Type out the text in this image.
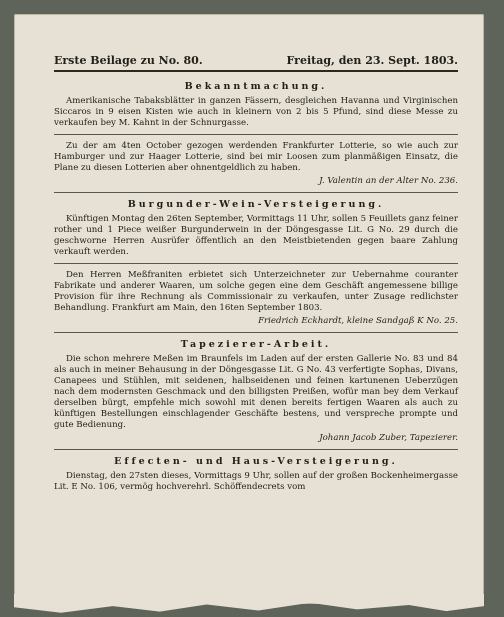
Erste Beilage zu No. 80.	Freitag, den 23. Sept. 1803.
Bekanntmachung.
Amerikanische Tabaksblätter in ganzen Fässern, desgleichen Havanna und Virginischen Siccaros in 9 eisen Kisten wie auch in kleinern von 2 bis 5 Pfund, sind diese Messe zu verkaufen bey M. Kahnt in der Schnurgasse.
Zu der am 4ten October gezogen werdenden Frankfurter Lotterie, so wie auch zur Hamburger und zur Haager Lotterie, sind bei mir Loosen zum planmäßigen Einsatz, die Plane zu diesen Lotterien aber ohnentgeldlich zu haben.
J. Valentin an der Alter No. 236.
Burgunder-Wein-Versteigerung.
Künftigen Montag den 26ten September, Vormittags 11 Uhr, sollen 5 Feuillets ganz feiner rother und 1 Piece weißer Burgunderwein in der Döngesgasse Lit. G No. 29 durch die geschworne Herren Ausrüfer öffentlich an den Meistbietenden gegen baare Zahlung verkauft werden.
Den Herren Meßfraniten erbietet sich Unterzeichneter zur Uebernahme couranter Fabrikate und anderer Waaren, um solche gegen eine dem Geschäft angemessene billige Provision für ihre Rechnung als Commissionair zu verkaufen, unter Zusage redlichster Behandlung. Frankfurt am Main, den 16ten September 1803.
Friedrich Eckhardt, kleine Sandgaß K No. 25.
Tapezierer-Arbeit.
Die schon mehrere Meßen im Braunfels im Laden auf der ersten Gallerie No. 83 und 84 als auch in meiner Behausung in der Döngesgasse Lit. G No. 43 verfertigte Sophas, Divans, Canapees und Stühlen, mit seidenen, halbseidenen und feinen kartunenen Ueberzügen nach dem modernsten Geschmack und den billigsten Preißen, wofür man bey dem Verkauf derselben bürgt, empfehle mich sowohl mit denen bereits fertigen Waaren als auch zu künftigen Bestellungen einschlagender Geschäfte bestens, und verspreche prompte und gute Bedienung.
Johann Jacob Zuber, Tapezierer.
Effecten- und Haus-Versteigerung.
Dienstag, den 27sten dieses, Vormittags 9 Uhr, sollen auf der großen Bockenheimergasse Lit. E No. 106, vermög hochverehrl. Schöffendecrets vom
